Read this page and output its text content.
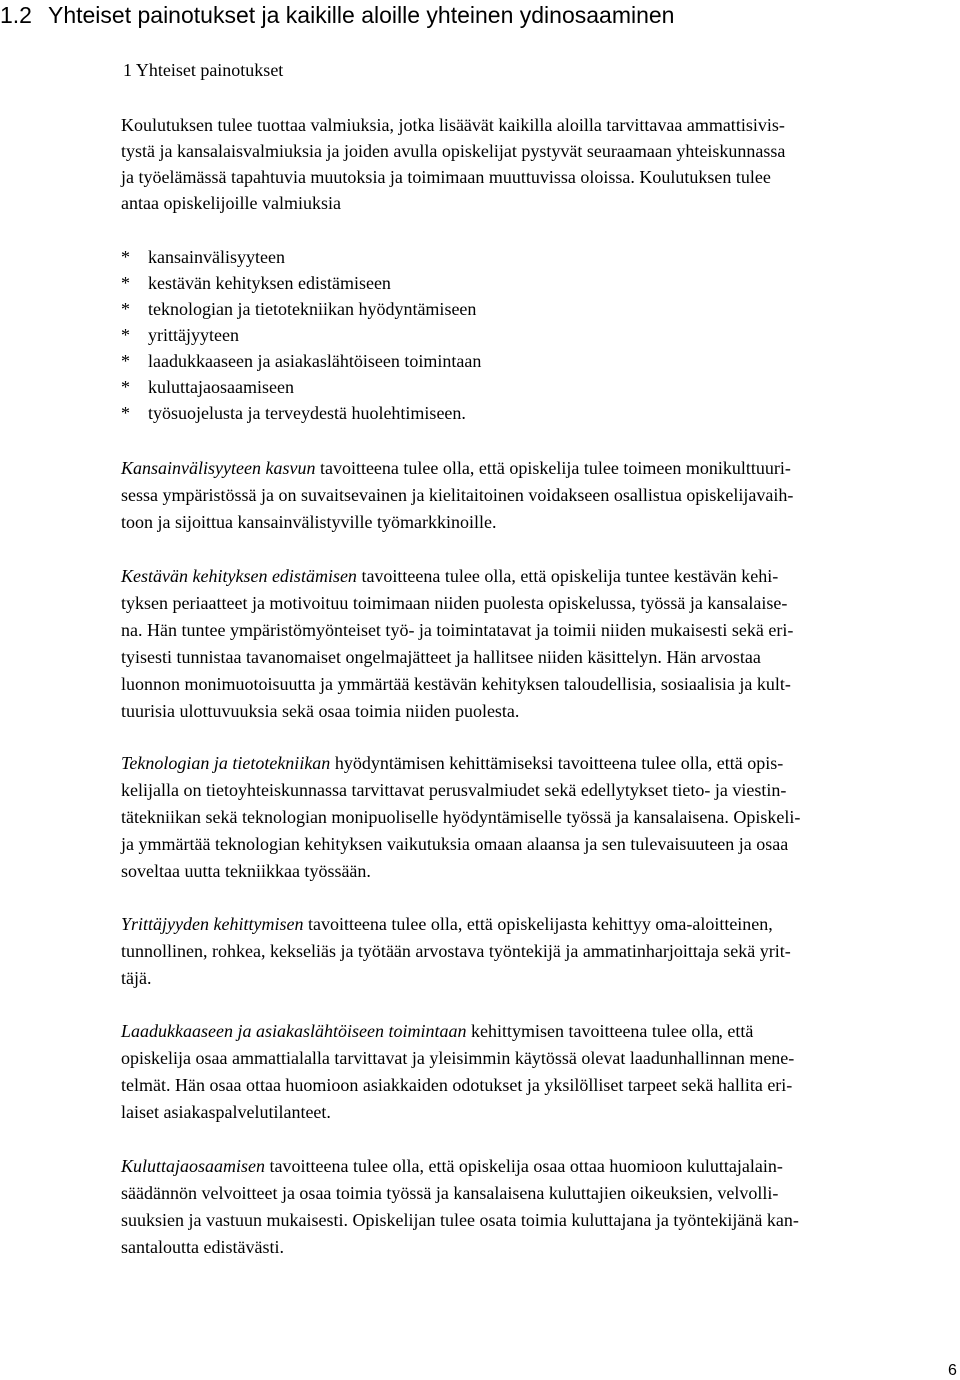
1.2 Yhteiset painotukset ja kaikille aloille yhteinen ydinosaaminen
1 Yhteiset painotukset
Koulutuksen tulee tuottaa valmiuksia, jotka lisäävät kaikilla aloilla tarvittavaa ammattisivis-
tystä ja kansalaisvalmiuksia ja joiden avulla opiskelijat pystyvät seuraamaan yhteiskunnassa
ja työelämässä tapahtuvia muutoksia ja toimimaan muuttuvissa oloissa. Koulutuksen tulee
antaa opiskelijoille valmiuksia
* kansainvälisyyteen
* kestävän kehityksen edistämiseen
* teknologian ja tietotekniikan hyödyntämiseen
* yrittäjyyteen
* laadukkaaseen ja asiakaslähtöiseen toimintaan
* kuluttajaosaamiseen
* työsuojelusta ja terveydestä huolehtimiseen.
Kansainvälisyyteen kasvun tavoitteena tulee olla, että opiskelija tulee toimeen monikulttuuri-
sessa ympäristössä ja on suvaitsevainen ja kielitaitoinen voidakseen osallistua opiskelijavaih-
toon ja sijoittua kansainvälistyville työmarkkinoille.
Kestävän kehityksen edistämisen tavoitteena tulee olla, että opiskelija tuntee kestävän kehi-
tyksen periaatteet ja motivoituu toimimaan niiden puolesta opiskelussa, työssä ja kansalaise-
na. Hän tuntee ympäristömyönteiset työ- ja toimintatavat ja toimii niiden mukaisesti sekä eri-
tyisesti tunnistaa tavanomaiset ongelmajätteet ja hallitsee niiden käsittelyn. Hän arvostaa
luonnon monimuotoisuutta ja ymmärtää kestävän kehityksen taloudellisia, sosiaalisia ja kult-
tuurisia ulottuvuuksia sekä osaa toimia niiden puolesta.
Teknologian ja tietotekniikan hyödyntämisen kehittämiseksi tavoitteena tulee olla, että opis-
kelijalla on tietoyhteiskunnassa tarvittavat perusvalmiudet sekä edellytykset tieto- ja viestin-
tätekniikan sekä teknologian monipuoliselle hyödyntämiselle työssä ja kansalaisena. Opiskeli-
ja ymmärtää teknologian kehityksen vaikutuksia omaan alaansa ja sen tulevaisuuteen ja osaa
soveltaa uutta tekniikkaa työssään.
Yrittäjyyden kehittymisen tavoitteena tulee olla, että opiskelijasta kehittyy oma-aloitteinen,
tunnollinen, rohkea, kekseliäs ja työtään arvostava työntekijä ja ammatinharjoittaja sekä yrit-
täjä.
Laadukkaaseen ja asiakaslähtöiseen toimintaan kehittymisen tavoitteena tulee olla, että
opiskelija osaa ammattialalla tarvittavat ja yleisimmin käytössä olevat laadunhallinnan mene-
telmät. Hän osaa ottaa huomioon asiakkaiden odotukset ja yksilölliset tarpeet sekä hallita eri-
laiset asiakaspalvelutilanteet.
Kuluttajaosaamisen tavoitteena tulee olla, että opiskelija osaa ottaa huomioon kuluttajalain-
säädännön velvoitteet ja osaa toimia työssä ja kansalaisena kuluttajien oikeuksien, velvolli-
suuksien ja vastuun mukaisesti. Opiskelijan tulee osata toimia kuluttajana ja työntekijänä kan-
santaloutta edistävästi.
6
